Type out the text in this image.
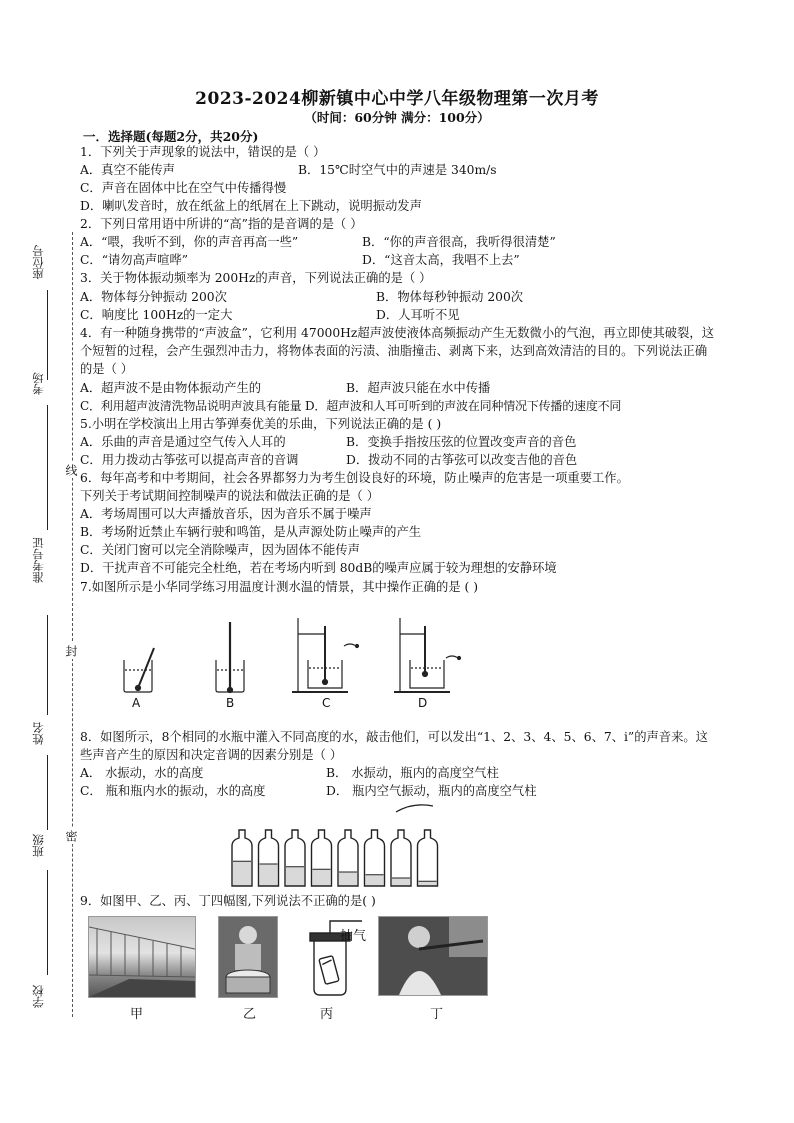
2023-2024柳新镇中心中学八年级物理第一次月考
（时间：60分钟 满分：100分）
一．选择题(每题2分，共20分)
座位号
考场
准考号证
姓名
班级
学校
线
封
密
1．下列关于声现象的说法中，错误的是（ ）
A．真空不能传声	B．15℃时空气中的声速是 340m/s
C．声音在固体中比在空气中传播得慢
D．喇叭发音时，放在纸盆上的纸屑在上下跳动，说明振动发声
2．下列日常用语中所讲的“高”指的是音调的是（ ）
A．“喂，我听不到，你的声音再高一些”	B．“你的声音很高，我听得很清楚”
C．“请勿高声喧哗”	D．“这音太高，我唱不上去”
3．关于物体振动频率为 200Hz的声音，下列说法正确的是（ ）
A．物体每分钟振动 200次	B．物体每秒钟振动 200次
C．响度比 100Hz的一定大	D．人耳听不见
4．有一种随身携带的“声波盒”，它利用 47000Hz超声波使液体高频振动产生无数微小的气泡，再立即使其破裂，这个短暂的过程，会产生强烈冲击力，将物体表面的污渍、油脂撞击、剥离下来，达到高效清洁的目的。下列说法正确的是（ ）
A．超声波不是由物体振动产生的	B．超声波只能在水中传播
C．利用超声波清洗物品说明声波具有能量 D．超声波和人耳可听到的声波在同种情况下传播的速度不同
5.小明在学校演出上用古筝弹奏优美的乐曲，下列说法正确的是 ( )
A．乐曲的声音是通过空气传入人耳的	B．变换手指按压弦的位置改变声音的音色
C．用力拨动古筝弦可以提高声音的音调	D．拨动不同的古筝弦可以改变吉他的音色
6．每年高考和中考期间，社会各界都努力为考生创设良好的环境，防止噪声的危害是一项重要工作。
下列关于考试期间控制噪声的说法和做法正确的是（ ）
A．考场周围可以大声播放音乐，因为音乐不属于噪声
B．考场附近禁止车辆行驶和鸣笛，是从声源处防止噪声的产生
C．关闭门窗可以完全消除噪声，因为固体不能传声
D．干扰声音不可能完全杜绝，若在考场内听到 80dB的噪声应属于较为理想的安静环境
7.如图所示是小华同学练习用温度计测水温的情景，其中操作正确的是 ( )
A	B	C	D
8．如图所示，8个相同的水瓶中灌入不同高度的水，敲击他们，可以发出“1、2、3、4、5、6、7、i”的声音来。这些声音产生的原因和决定音调的因素分别是（ ）
A． 水振动，水的高度	B． 水振动，瓶内的高度空气柱
C． 瓶和瓶内水的振动，水的高度	D． 瓶内空气振动，瓶内的高度空气柱
9．如图甲、乙、丙、丁四幅图,下列说法不正确的是( )
抽气
甲	乙	丙	丁
